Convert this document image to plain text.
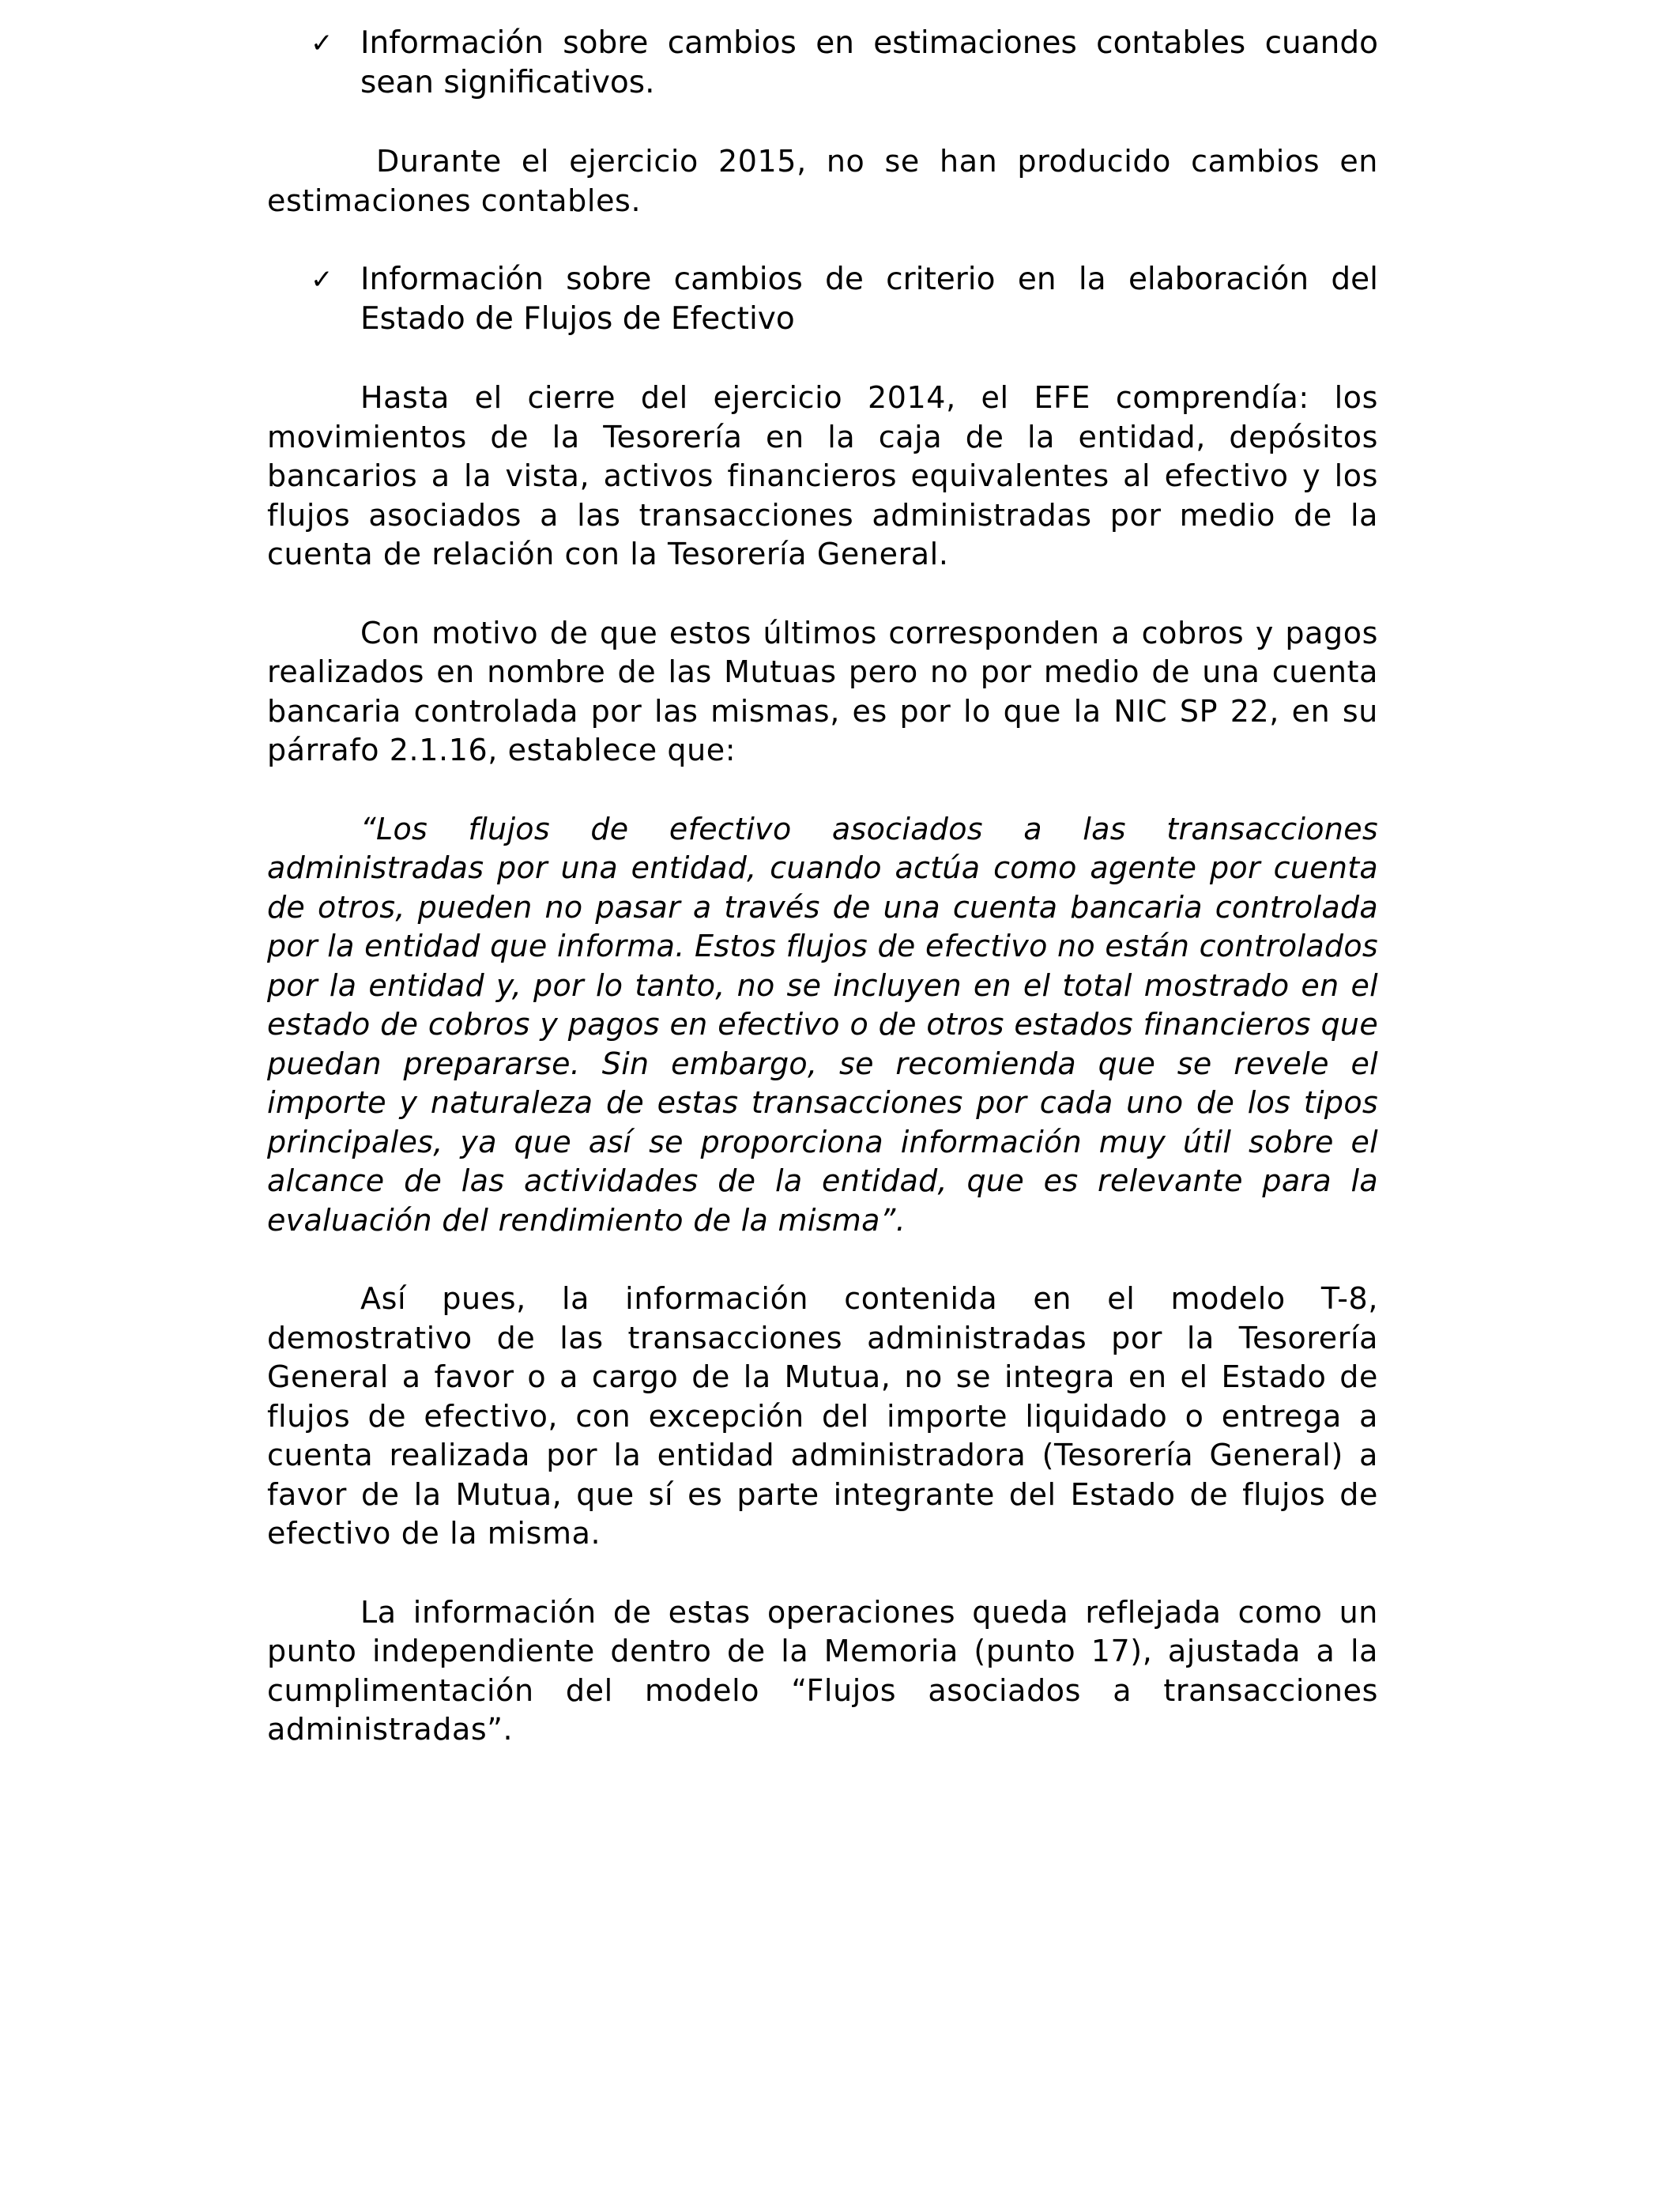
✓ Información sobre cambios en estimaciones contables cuando sean significativos.

Durante el ejercicio 2015, no se han producido cambios en estimaciones contables.

✓ Información sobre cambios de criterio en la elaboración del Estado de Flujos de Efectivo

Hasta el cierre del ejercicio 2014, el EFE comprendía: los movimientos de la Tesorería en la caja de la entidad, depósitos bancarios a la vista, activos financieros equivalentes al efectivo y los flujos asociados a las transacciones administradas por medio de la cuenta de relación con la Tesorería General.

Con motivo de que estos últimos corresponden a cobros y pagos realizados en nombre de las Mutuas pero no por medio de una cuenta bancaria controlada por las mismas, es por lo que la NIC SP 22, en su párrafo 2.1.16, establece que:

“Los flujos de efectivo asociados a las transacciones administradas por una entidad, cuando actúa como agente por cuenta de otros, pueden no pasar a través de una cuenta bancaria controlada por la entidad que informa. Estos flujos de efectivo no están controlados por la entidad y, por lo tanto, no se incluyen en el total mostrado en el estado de cobros y pagos en efectivo o de otros estados financieros que puedan prepararse. Sin embargo, se recomienda que se revele el importe y naturaleza de estas transacciones por cada uno de los tipos principales, ya que así se proporciona información muy útil sobre el alcance de las actividades de la entidad, que es relevante para la evaluación del rendimiento de la misma”.

Así pues, la información contenida en el modelo T-8, demostrativo de las transacciones administradas por la Tesorería General a favor o a cargo de la Mutua, no se integra en el Estado de flujos de efectivo, con excepción del importe liquidado o entrega a cuenta realizada por la entidad administradora (Tesorería General) a favor de la Mutua, que sí es parte integrante del Estado de flujos de efectivo de la misma.

La información de estas operaciones queda reflejada como un punto independiente dentro de la Memoria (punto 17), ajustada a la cumplimentación del modelo “Flujos asociados a transacciones administradas”.
